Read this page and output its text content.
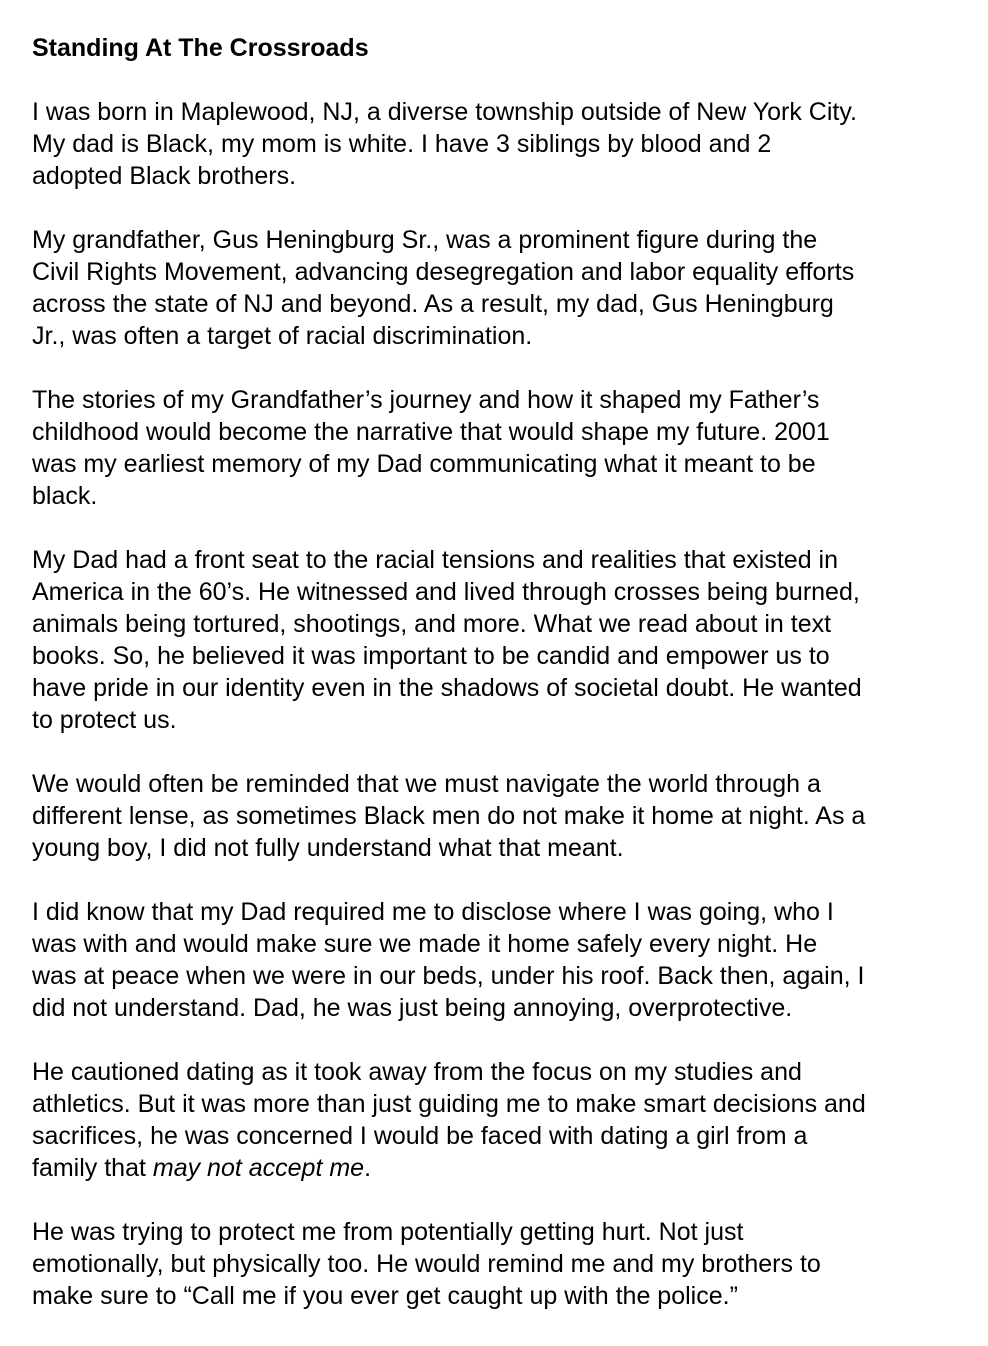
Standing At The Crossroads

I was born in Maplewood, NJ, a diverse township outside of New York City.
My dad is Black, my mom is white. I have 3 siblings by blood and 2
adopted Black brothers.

My grandfather, Gus Heningburg Sr., was a prominent figure during the
Civil Rights Movement, advancing desegregation and labor equality efforts
across the state of NJ and beyond. As a result, my dad, Gus Heningburg
Jr., was often a target of racial discrimination.

The stories of my Grandfather’s journey and how it shaped my Father’s
childhood would become the narrative that would shape my future. 2001
was my earliest memory of my Dad communicating what it meant to be
black.

My Dad had a front seat to the racial tensions and realities that existed in
America in the 60’s. He witnessed and lived through crosses being burned,
animals being tortured, shootings, and more. What we read about in text
books. So, he believed it was important to be candid and empower us to
have pride in our identity even in the shadows of societal doubt. He wanted
to protect us.

We would often be reminded that we must navigate the world through a
different lense, as sometimes Black men do not make it home at night. As a
young boy, I did not fully understand what that meant.

I did know that my Dad required me to disclose where I was going, who I
was with and would make sure we made it home safely every night. He
was at peace when we were in our beds, under his roof. Back then, again, I
did not understand. Dad, he was just being annoying, overprotective.

He cautioned dating as it took away from the focus on my studies and
athletics. But it was more than just guiding me to make smart decisions and
sacrifices, he was concerned I would be faced with dating a girl from a
family that may not accept me.

He was trying to protect me from potentially getting hurt. Not just
emotionally, but physically too. He would remind me and my brothers to
make sure to “Call me if you ever get caught up with the police.”
